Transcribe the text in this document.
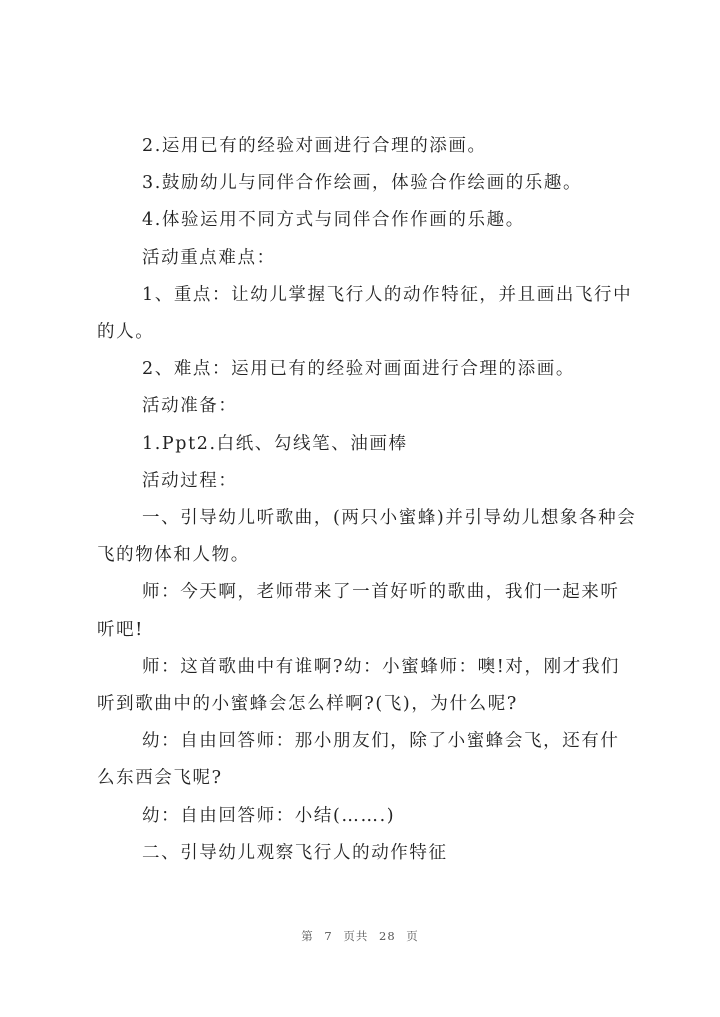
2.运用已有的经验对画进行合理的添画。

3.鼓励幼儿与同伴合作绘画，体验合作绘画的乐趣。

4.体验运用不同方式与同伴合作作画的乐趣。

活动重点难点：

1、重点：让幼儿掌握飞行人的动作特征，并且画出飞行中的人。

2、难点：运用已有的经验对画面进行合理的添画。

活动准备：

1.Ppt2.白纸、勾线笔、油画棒

活动过程：

一、引导幼儿听歌曲，(两只小蜜蜂)并引导幼儿想象各种会飞的物体和人物。

师：今天啊，老师带来了一首好听的歌曲，我们一起来听听吧!

师：这首歌曲中有谁啊?幼：小蜜蜂师：噢!对，刚才我们听到歌曲中的小蜜蜂会怎么样啊?(飞)，为什么呢?

幼：自由回答师：那小朋友们，除了小蜜蜂会飞，还有什么东西会飞呢?

幼：自由回答师：小结(…….)

二、引导幼儿观察飞行人的动作特征

第 7 页共 28 页
